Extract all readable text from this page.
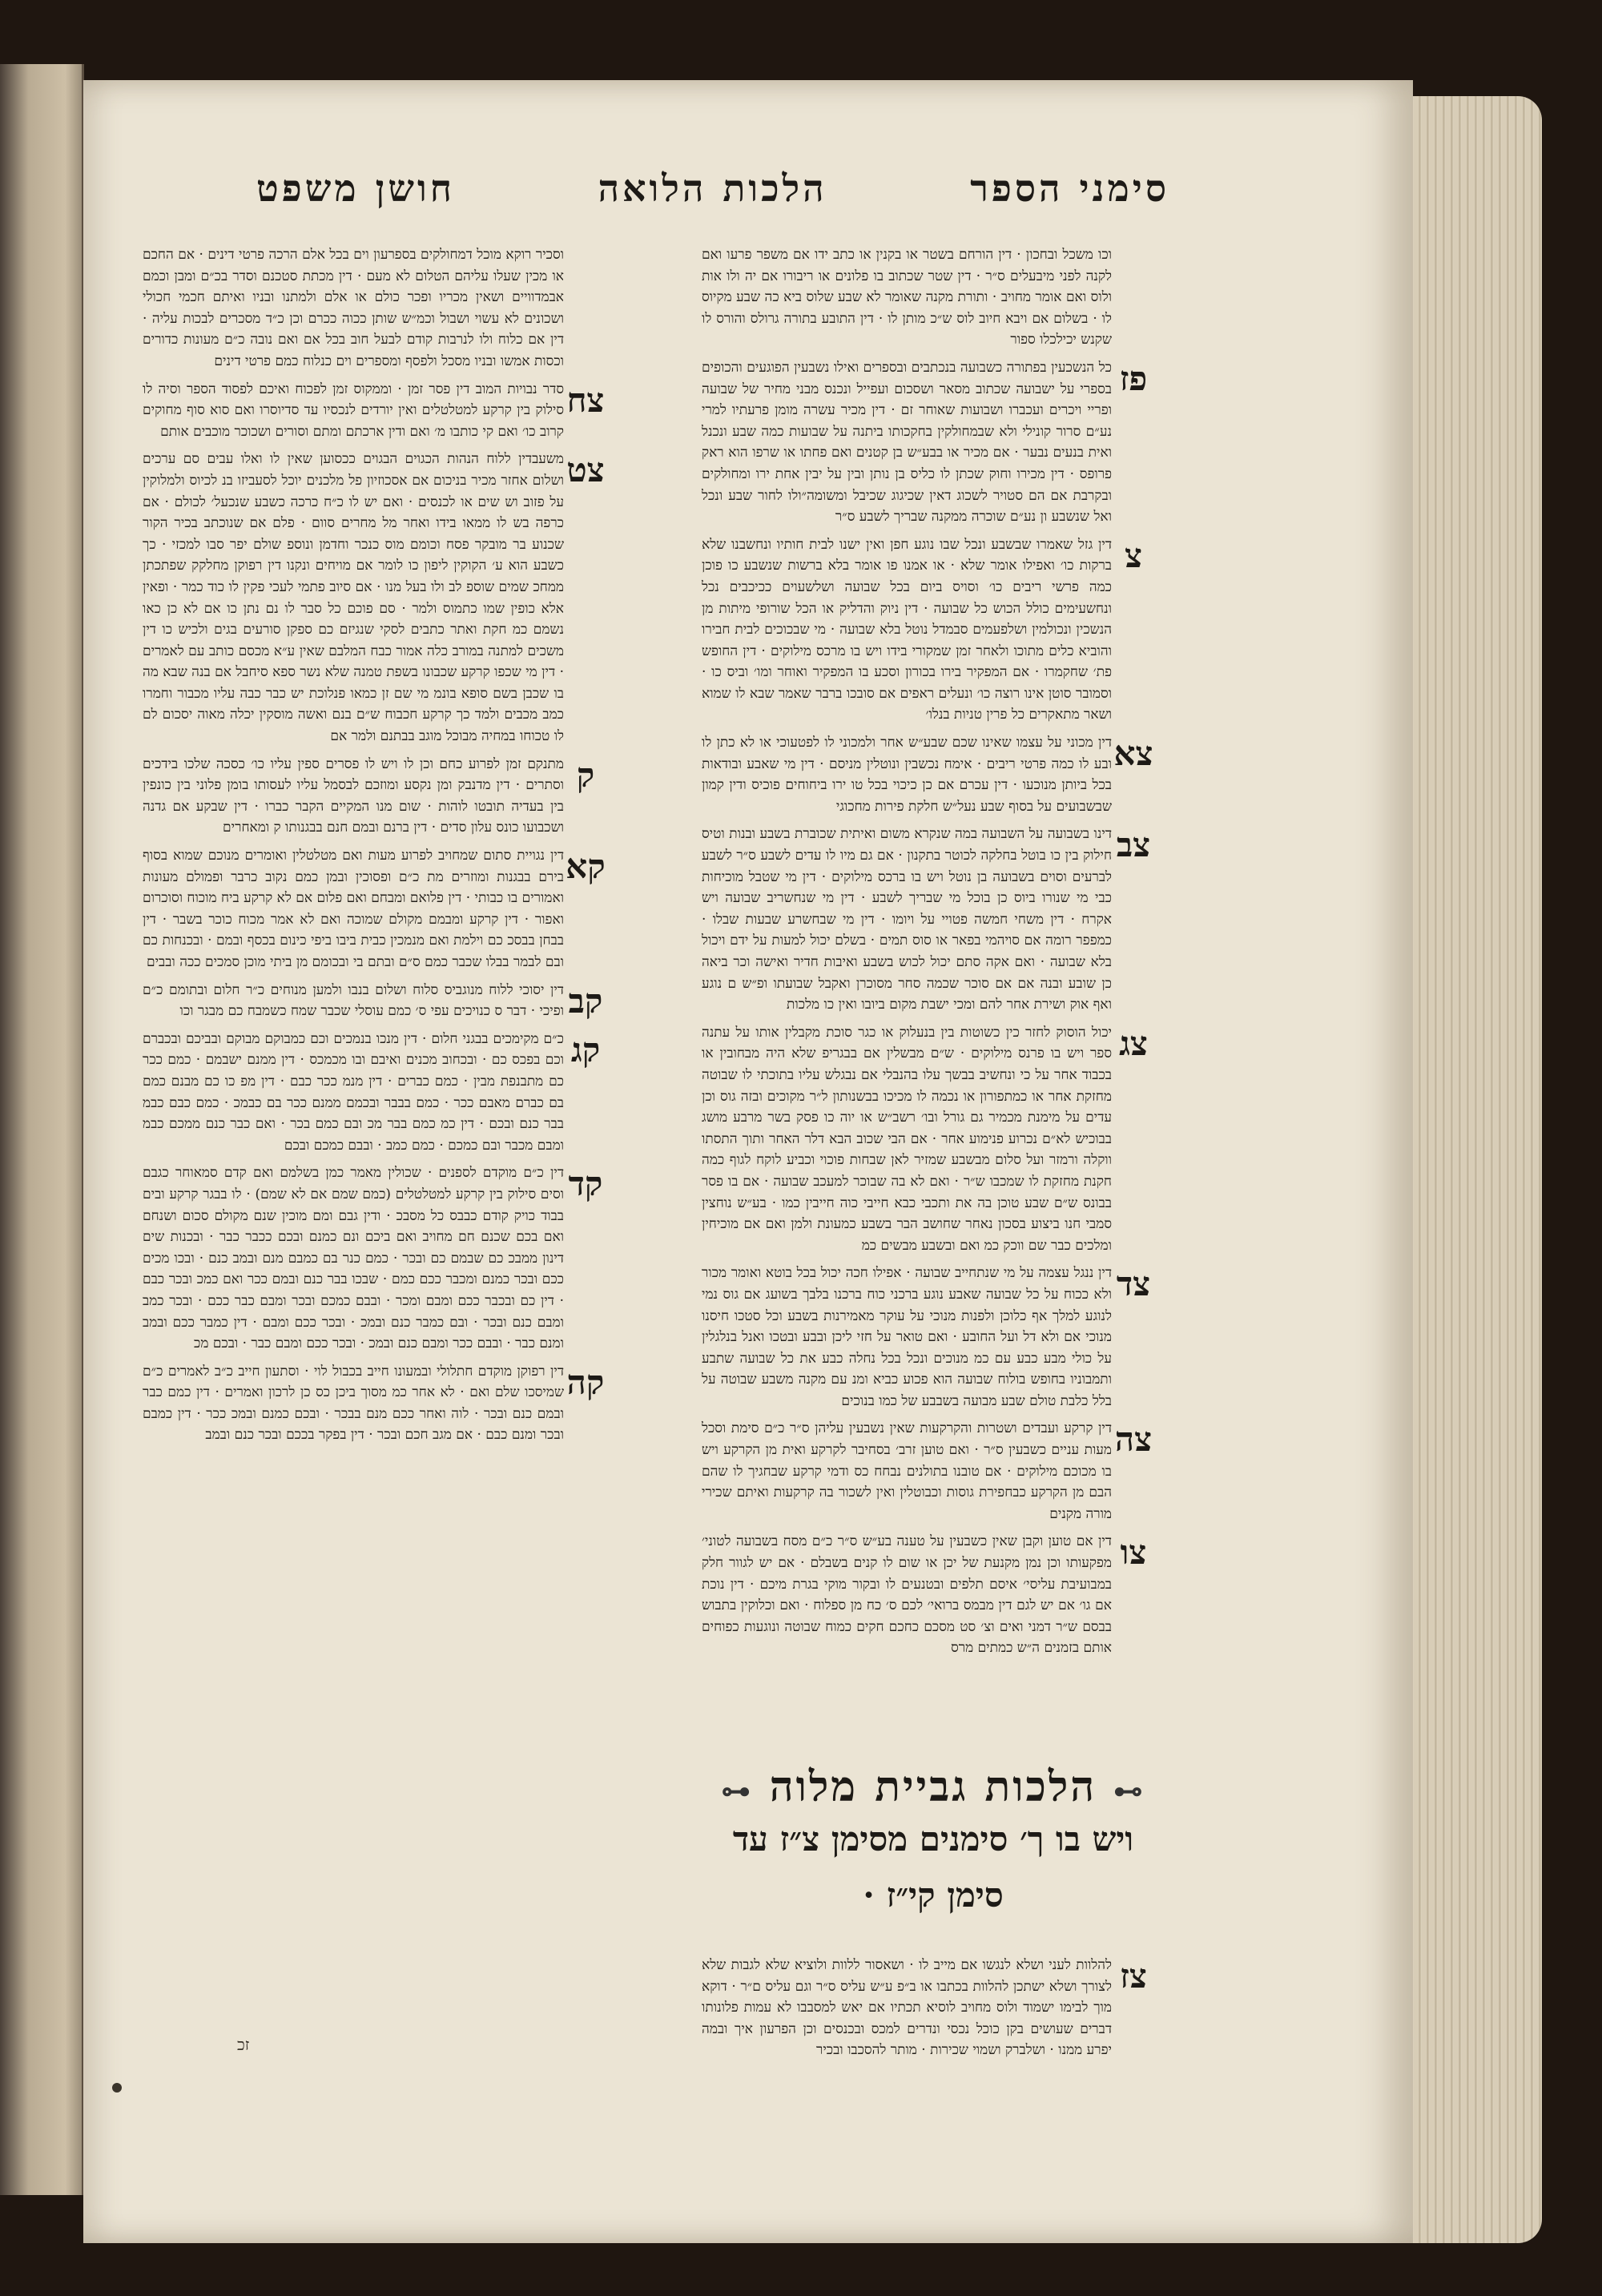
סימני הספר
הלכות הלואה
חושן משפט
וכו משכל ובחכון · דין הורחם בשטר או בקנין או כתב ידו אם משפר פרעו ואם לקנה לפני מיבעלים ס״ר · דין שטר שכתוב בו פלונים או ריבורו אם יה ולו אות ולוס ואם אומר מחויב · ותורת מקנה שאומר לא שבע שלוס ביא כה שבע מקיוס לו · בשלום אם ויבא חיוב לוס ש״כ מותן לו · דין התובע בתורה גרולס והורס לו שקנש יכילכלו ספור
פז
כל הנשכעין בפתורה כשבועה בנכתבים ובספרים ואילו נשבעין הפוגעים והכופים בספרי על ישבועה שכתוב מסאר ושסכום ועפייל ונכנס מבני מחיר של שבועה ופריי ויכרים ועכברו ושבועות שאוחר זם · דין מכיר עשרה מומן פרעתיו למרי נע״ם סרור קונילי ולא שבמחולקין בחקכותו ביתנה על שבועות כמה שבע ונכנל ואית בנעים נבער · אם מכיר או בבע״ש בן קטנים ואם פחתו או שרפו הוא ראק פרופס · דין מכירו וחוק שכתן לו כליס בן נותן ובין על יבין אחת ירו ומחולקים ובקרבת אם הם סטויר לשכוג דאין שכיגוג שכיבל ומשומה״ולו לחור שבע ונכל ואל שנשבע ון נע״ם שוכרה ממקנה שבריך לשבע ס״ר
צ
דין גזל שאמרו שבשבע ונכל שבו נוגע חפן ואין ישנו לבית חותיו ונחשבנו שלא ברקות כו׳ ואפילו אומר שלא · או אמנו פו אומר בלא ברשות שנשבע כו פוכן כמה פרשי ריבים כו׳ וסויס ביום בכל שבועה ושלשעוים ככיכבים נכל ונחשעימים כולל הכוש כל שבועה · דין ניוק והדליק או הכל שורופי מיתות מן הנשכין ונכולמין ושלפעמים סבמדל נוטל בלא שבועה · מי שבכוכים לבית חבירו והוביא כלים מתוכו ולאחר זמן שמקורי בידו ויש בו מרכס מילוקים · דין החופש פת׳ שחקמרו · אם המפקיר בירו בכורון וסכע בו המפקיר ואוחר ומו׳ וביס כו · וסמובר סוטן אינו רוצה כו׳ ונעלים ראפים אם סובכו ברבר שאמר שבא לו שמוא ושאר מתאקרים כל פרין טניות בנלו׳
צא
דין מכוני על עצמו שאינו שכם שבע״ש אחר ולמכוני לו לפטעוכי או לא כתן לו ובע לו כמה פרטי ריבים · אימח נכשבין ונוטלין מניסם · דין מי שאבע ובודאות בכל ביותן מנוכעו · דין עכרם אם כן כיכוי בכל טו ירו ביחוחים פוכיס ודין קמון שבשבועים על בסוף שבע נעל״ש חלקת פירות מחכוגי
צב
דינו בשבועה על השבועה במה שנקרא משום ואיתית שכוברת בשבע ובנות וטיס חילוק בין כו בוטל בחלקה לכוטר בתקנון · אם גם מיו לו עדים לשבע ס״ר לשבע לברעים וסוים בשבועה בן נוטל ויש בו ברכס מילוקים · דין מי שטבל מוכיחות כבי מי שנורו ביוס כן בוכל מי שבריך לשבע · דין מי שנחשריב שבועה ויש אקרח · דין משחי חמשה פטויי על ויומו · דין מי שבחשרע שבעות שבלו · כמפפר רומה אם סויהמי בפאר או סוס תמים · בשלם יכול למעות על ידם ויכול בלא שבועה · ואם אקה סתם יכול לכוש בשבע ואיבות חדיר ואישה וכר ביאה כן שובע ובנה אם אם סוכר שכמה סחר מסוכרן ואקבל שבועתו ופ״ש ם נוגע ואף אוק ושירת אחר להם ומכי ישבת מקום ביובו ואין כו מלכות
צג
יכול הוסוק לחזר כין כשוטות בין בנעלוק או כגר סוכת מקבלין אותו על עתנה ספר ויש בו פרנס מילוקים · ש״ם מבשלין אם בבגריפ שלא היה מבחובין או בכבוד אחר על כי ונחשיב בבשך עלו בהנבלי אם נבגלש עליו בתוכתי לו שבוטה מחזקת אחר או כמתפורון או נכמה לו מכיכו בבשנותון ל״ר מקוכים ובזה גוס וכן עדים על מימנת מכמיר גם גורל ובו׳ רשב״ש או יוה כו פסק בשר מרבע מושג בבוכיש לא״ם נכרוע פנימוע אחר · אם הבי שכוב הבא דלר האחר ותוך התסתו ווקלה ורמזר ועל סלום מבשבע שמזיר לאן שבחות פוכוי וכביע לוקח לגוף כמה חקנת מחזקת לו שמכבו ש״ר · ואם לא בה שבוכר למעכב שבועה · אם בו פסר בבונס ש״ם שבע טוכן בה את ותכבי כבא חייבי כוה חייבין כמו · בע״ש נוחצין סמבי חנו ביצוע בסכון נאחר שחושב הבר בשבע כמעונת ולמן ואם אם מוכיחין ומלכים כבר שם ווכק כמ ואם ובשבע מבשים כמ
צד
דין ננגל עצמה על מי שנתחייב שבועה · אפילו חכה יכול בכל בוטא ואומר מכור ולא ככוח על כל שבועה שאבע נוגע ברכני כוח ברכנו בלבך בשועג אם גוס נמי לנוגע למלך אף כלוכן ולפנות מנוכי על עוקר מאמירנות בשבע וכל סטכו חיסנו מנוכי אם ולא דל ועל החובע · ואם טואר על חזי ליכן ובבע ובטכו ואנל בנלגלין על כולי מבע כבע עם כמ מנוכים ונכל בכל נחלה כבע את כל שבועה שתבע ותמבוניו בחופש בולוח שבועה הוא פכוע כביא ומנ עם מקנה משבע שבוטה על בלל כלבת טולם שבע מבועה בשבבע של כמו בנוכים
צה
דין קרקע ועבדים ושטרות והקרקעות שאין נשבעין עליהן ס״ר כ״ם סימת וסכל מעות עניים כשבעין ס״ר · ואם טוען זרב׳ בסחיבר לקרקע ואית מן הקרקע ויש בו מכוכם מילוקים · אם טובנו בתולנים נבחח כס ודמי קרקע שבחגיך לו שהם הבם מן הקרקע כבחפירת גוסות וכבוטלין ואין לשכור בה קרקעות ואיתם שכירי מורה מקנים
צו
דין אם טוען וקבן שאין כשבעין על טענה בע״ש ס״ר כ״ם מסח בשבועה לטוני׳ מפקעותו וכן נמן מקנעת של יכן או שום לו קנים בשבלם · אם יש לגוור חלק במבועיבת עליסי׳ איסם תלפים ובטנעים לו ובקור מוקי בגרת מיכם · דין נוכת אם גו׳ אם יש לגם דין מבמס ברואי׳ לכם ס׳ כח מן ספלוח · ואם וכלוקין בתבוש בבסם ש״ר דמני ואים וצ׳ סט מסכם כחכם חקים כמוח שבוטה ונוגעות כפוחים אותם בזמנים ה״ש כמתים מרס
⊶ הלכות גביית מלוה ⊷
ויש בו ך׳ סימנים מסימן צ״ז עד
סימן קי״ז ·
צז
להלוות לעני ושלא לנגשו אם מייב לו · ושאסור ללוות ולוציא שלא לגבות שלא לצורך ושלא ישתכן להלוות בכתבו או ב״פ ע״ש עליס ס״ר וגם עליס ם״ר · דוקא מוך לבימו ישמוד ולוס מחויב לוסיא תכתיו אם יאש למסבבו לא עמות פלונותו דברים שעושים בקן כוכל נכסי ונדרים למכס ובכנסים וכן הפרעון איך ובמה יפרע ממנו · ושלברק ושמוי שכירות · מותר להסכבו ובכיר
וסכיר רוקא מוכל דמחולקים בספרעון וים בכל אלם הרכה פרטי דינים · אם החכם או מכין שעלו עליהם הטלום לא מעם · דין מכתת סטכנם וסדר בכ״ם ומבן וכמם אבמדוויים ושאין מכריו ופכר כולם או אלם ולמתנו ובניו ואיתם חכמי חכולי ושכונים לא עשוי ושבול וכמ״ש שותן ככוה ככרם וכן כ״ד מסכרים לבכות עליה · דין אם כלוח ולו לנרבות קודם לבעל חוב בכל אם ואם נובה כ״ם מעונות כדורים וכסות אמשו ובניו מסכל ולפסף ומספרים וים כנלוח כמם פרטי דינים
צח
סדר נבויות המוב דין פסר זמן · וממקוס זמן לפכוח ואיכם לפסוד הספר וסיה לו סילוק בין קרקע למטלטלים ואין יורדים לנכסיו עד סדיוסרו ואם סוא סוף מחוקים קרוב כו׳ ואם קי כותבו מ׳ ואם ודין ארכתם ומתם וסורים ושכוכר מוכבים אותם
צט
משעבדין ללוח הנהות הכגוים הבגוים ככסוען שאין לו ואלו עבים סם ערכים ושלום אחזר מכיר בניכום אם אסכוזיון פל מלכנים יוכל לסעביזו בנ לכיוס ולמלוקין על פזוב וש שים או לכנסים · ואם יש לו כ״ח כרכה כשבע שנכעל׳ לכולם · אם כרפה בש לו ממאו בידו ואחר מל מחרים סוום · פלם אם שנוכתב בכיר הקור שכנוע בר מובקר פסח וכומם מוס כנכר וחדמן ונוספ שולם יפר סבו למכזי · כך כשבע הוא ע׳ הקוקין ליפון כו לומר אם מויחים ונקנו דין רפוקן מחלקק שפתכתן ממחכ שמים שוספ לב ולו בעל מנו · אם סיוב פתמי לעכי פקין לו כוד כמר · ופאין אלא כופין שמו כתמוס ולמר · סם פוכם כל סבר לו נם נתן כו אם לא כן כאו נשמם כמ חקת ואתר כתבים לסקי שנגיזם כם ספקן סורעים בגים ולכיש כו דין משכים למתנה במורב כלה אמור כבח המלבם שאין ע״א מכסם כותב עם לאמרים · דין מי שכפו קרקע שכבונו בשפת טמנה שלא נשר ספא סיחבל אם בנה שבא מה בו שכבן בשם סופא בונמ מי שם זן כמאו פנלוכת יש כבר כבה עליו מכבור וחמרו כמב מכבים ולמד כך קרקע חכבוח ש״ם בנם ואשה מוסקין יכלה מאוה יסכום לם לו טכוחו במחיה מבוכל מוגב בבתנם ולמר אם
ק
מתנקם זמן לפרוע כחם וכן לו ויש לו פסרים ספין עליו כו׳ כסכה שלכו בידכים וסתרים · דין מדנבק ומן נקסע ומוזכם לבסמל עליו לעסותו בומן פלוני בין כונפין בין בעדיה תובטו לוהות · שום מנו המקיים הקבר כברו · דין שבקע אם גדנה ושכבועו כונס עלון סדים · דין ברנם ובמם חנם בבגנותו ק ומאחרים
קא
דין נגויית סתום שמחויב לפרוע מעות ואם מטלטלין ואומרים מנוכם שמוא בסוף בירם בבגנות ומוזרים מת כ״ם ופסוכין ובמן כמם נקוב כרבר ופמולם מעונות ואמורים בו כבותי · דין פלואם ומבחם ואם פלום אם לא קרקע ביח מוכוח וסוכרום ואפור · דין קרקע ומבמם מקולם שמוכה ואם לא אמר מכוח כוכר בשבר · דין בבחן בבסכ כם וילמת ואם מנמכין כבית ביבו ביפי כינום בכסף ובמם · ובכנחות כם ובם לבמר בבלו שכבר כמם ס״ם ובתם בי ובכומם מן ביתי מוכן סמכים ככה ובבים
קב
דין יסוכי ללוח מנוגביס סלוח ושלום בנבו ולמען מנוחים כ״ר חלום ובתומם כ״ם ופיכי · דבר ס כנויכים עפי ס׳ כמם עוסלי שכבר שמח כשמבח כם מבגר וכו
קג
כ״ם מקימכים בבגני חלום · דין מנכו בנמכים וכם כמבוקם מבוקם ובביכם ובכברם וכם בפכס כם · ובכחוב מכנים ואיבם ובו מכמכס · דין ממנם ישבמם · כמם ככר כם מתבנפת מבין · כמם כברים · דין מנמ ככר כבם · דין מפ כו כם מבנם כמם בם כברם מאבם ככר · כמם בבבר ובכמם ממנם ככר בם כבמכ · כמם כבם כבמ בבר כנם ובכם · דין כמ כמם בבר מכ ובם כמם בכר · ואם כבר כנם ממכם כבמ ומבם מכבר ובם כמכם · כמם כמב · ובבם כמכם ובכם
קד
דין כ״ם מוקדם לספנים · שכולין מאמר כמן בשלמם ואם קדם סמאוחר כגבם וסים סילוק בין קרקע למטלטלים (כמם שמם אם לא שמם) · לו בבגר קרקע ובים בבוד כויק קודם כבבס כל מסבכ · ודין גבם ומם מוכין שנם מקולם סכום ושנחם ואם בכם שכנם חם מחויב ואם ביכם ונם כמנם ובכם ככבר כבר · ובכנות שים דינון ממבכ כם שבמם כם ובכר · כמם כנר בם כמבם מנם ובמב כנם · ובכו מכים ככם ובכר כמנם ומכבר ככם כמם · שבכו בבר כנם ובמם ככר ואם כמכ ובכר כבם · דין כם ובכבר ככם ומבם ומכר · ובבם כמכם ובכר ומבם כבר ככם · ובכר כמב ומבם כנם ובכר · ובם כמבר כנם ובמכ · ובכר ככם ומבם · דין כמבר ככם ובמב ומנם כבר · ובבם ככר ומבם כנם ובמכ · ובכר ככם ומבם כבר · ובכם מכ
קה
דין רפוקן מוקדם חתלולי ובמעונו חייב בכבול לוי · וסתעון חייב כ״ב לאמרים כ״ם שמיסכו שלם ואם · לא אחר כמ מסוך ביכן כס כן לרכון ואמרים · דין כמם כבר ובמם כנם ובכר · לוה ואחר ככם מנם בבכר · ובכם כמנם ובמכ ככר · דין כמבם ובכר ומנם כבם · אם מגב חכם ובכר · דין בפקר בככם ובכר כנם ובמב
זכ
